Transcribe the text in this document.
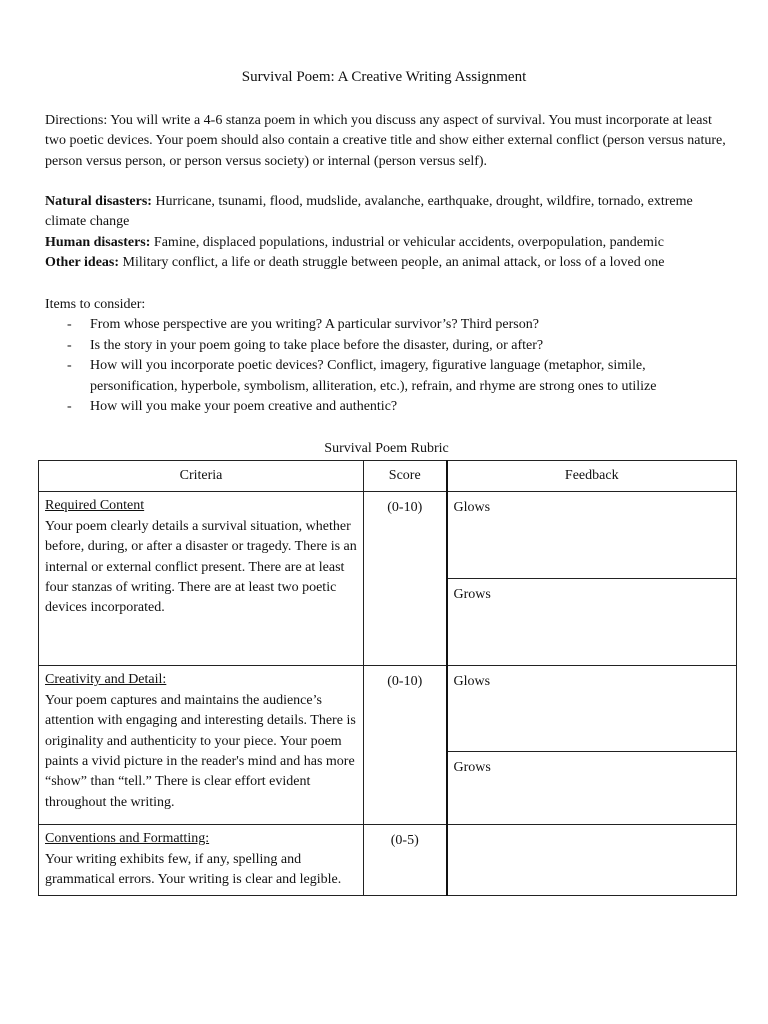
Survival Poem: A Creative Writing Assignment
Directions: You will write a 4-6 stanza poem in which you discuss any aspect of survival. You must incorporate at least two poetic devices. Your poem should also contain a creative title and show either external conflict (person versus nature, person versus person, or person versus society) or internal (person versus self).
Natural disasters: Hurricane, tsunami, flood, mudslide, avalanche, earthquake, drought, wildfire, tornado, extreme climate change
Human disasters: Famine, displaced populations, industrial or vehicular accidents, overpopulation, pandemic
Other ideas: Military conflict, a life or death struggle between people, an animal attack, or loss of a loved one
Items to consider:
- From whose perspective are you writing? A particular survivor’s? Third person?
- Is the story in your poem going to take place before the disaster, during, or after?
- How will you incorporate poetic devices? Conflict, imagery, figurative language (metaphor, simile, personification, hyperbole, symbolism, alliteration, etc.), refrain, and rhyme are strong ones to utilize
- How will you make your poem creative and authentic?
Survival Poem Rubric
Criteria	Score	Feedback

Required Content
Your poem clearly details a survival situation, whether before, during, or after a disaster or tragedy. There is an internal or external conflict present. There are at least four stanzas of writing. There are at least two poetic devices incorporated.	(0-10)	Glows
		Grows

Creativity and Detail:
Your poem captures and maintains the audience’s attention with engaging and interesting details. There is originality and authenticity to your piece. Your poem paints a vivid picture in the reader's mind and has more “show” than “tell.” There is clear effort evident throughout the writing.	(0-10)	Glows
		Grows

Conventions and Formatting:
Your writing exhibits few, if any, spelling and grammatical errors. Your writing is clear and legible.	(0-5)	
